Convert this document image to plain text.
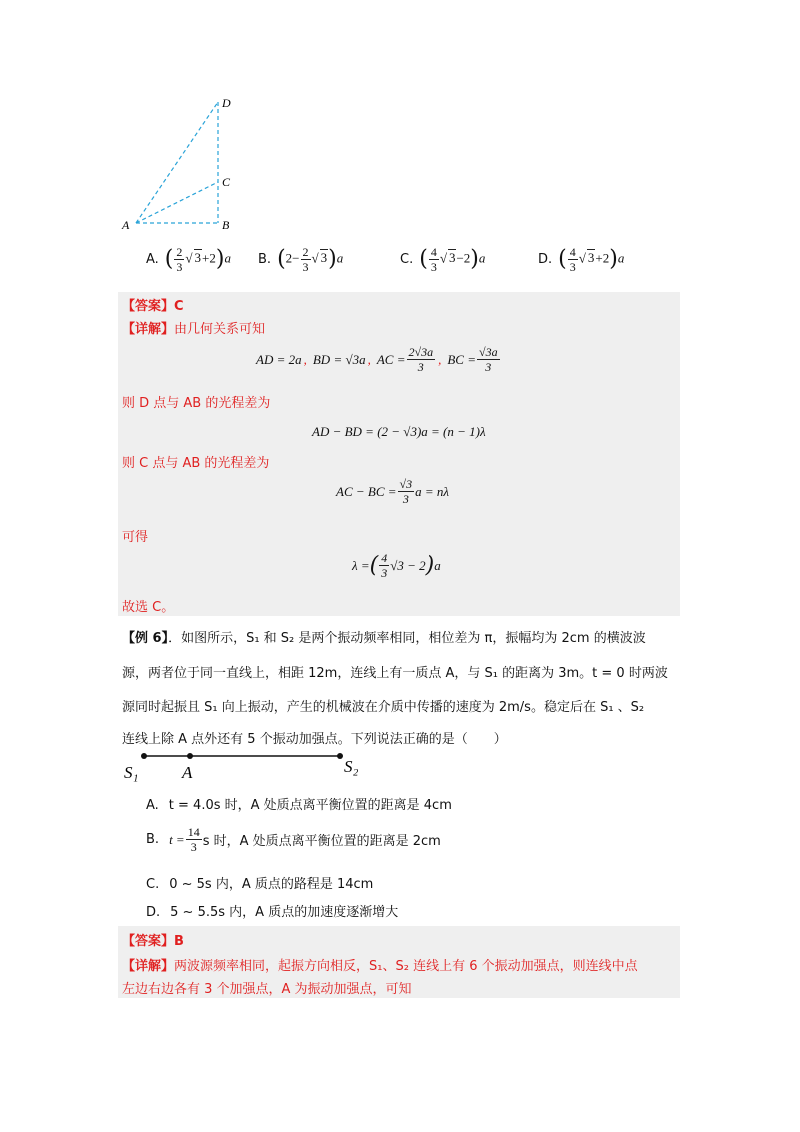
D
C
A	B
A. ( $\frac{2}{3}$ √ 3+2)a B. ($2- \frac{2}{3}$ √ 3)a	C. ( $\frac{4}{3}$ √ 3−2)a	D. ( $\frac{4}{3}$ √ 3+2)a
【答案】C
【详解】由几何关系可知
AD = 2a , BD = √3a , AC = $\frac{2√3a}{3}$ , BC = $\frac{√3a}{3}$
则 D 点与 AB 的光程差为
AD − BD = (2 − √3)a = (n − 1)λ
则 C 点与 AB 的光程差为
AC − BC = $\frac{√3}{3}$ a = nλ
可得
λ = ( $\frac{4}{3} √3 - 2$ ) a
故选 C。
【例 6】．如图所示，S₁ 和 S₂ 是两个振动频率相同，相位差为 π，振幅均为 2cm 的横波波
源，两者位于同一直线上，相距 12m，连线上有一质点 A，与 S₁ 的距离为 3m。t = 0 时两波
源同时起振且 S₁ 向上振动，产生的机械波在介质中传播的速度为 2m/s。稳定后在 S₁ 、S₂
连线上除 A 点外还有 5 个振动加强点。下列说法正确的是（　　）
S₁	A	S₂
A. t = 4.0s 时，A 处质点离平衡位置的距离是 4cm
B. $t = \frac{14}{3}$ s 时，A 处质点离平衡位置的距离是 2cm
C. 0 ~ 5s 内，A 质点的路程是 14cm
D. 5 ~ 5.5s 内，A 质点的加速度逐渐增大
【答案】B
【详解】两波源频率相同，起振方向相反，S₁、S₂ 连线上有 6 个振动加强点，则连线中点
左边右边各有 3 个加强点，A 为振动加强点，可知
